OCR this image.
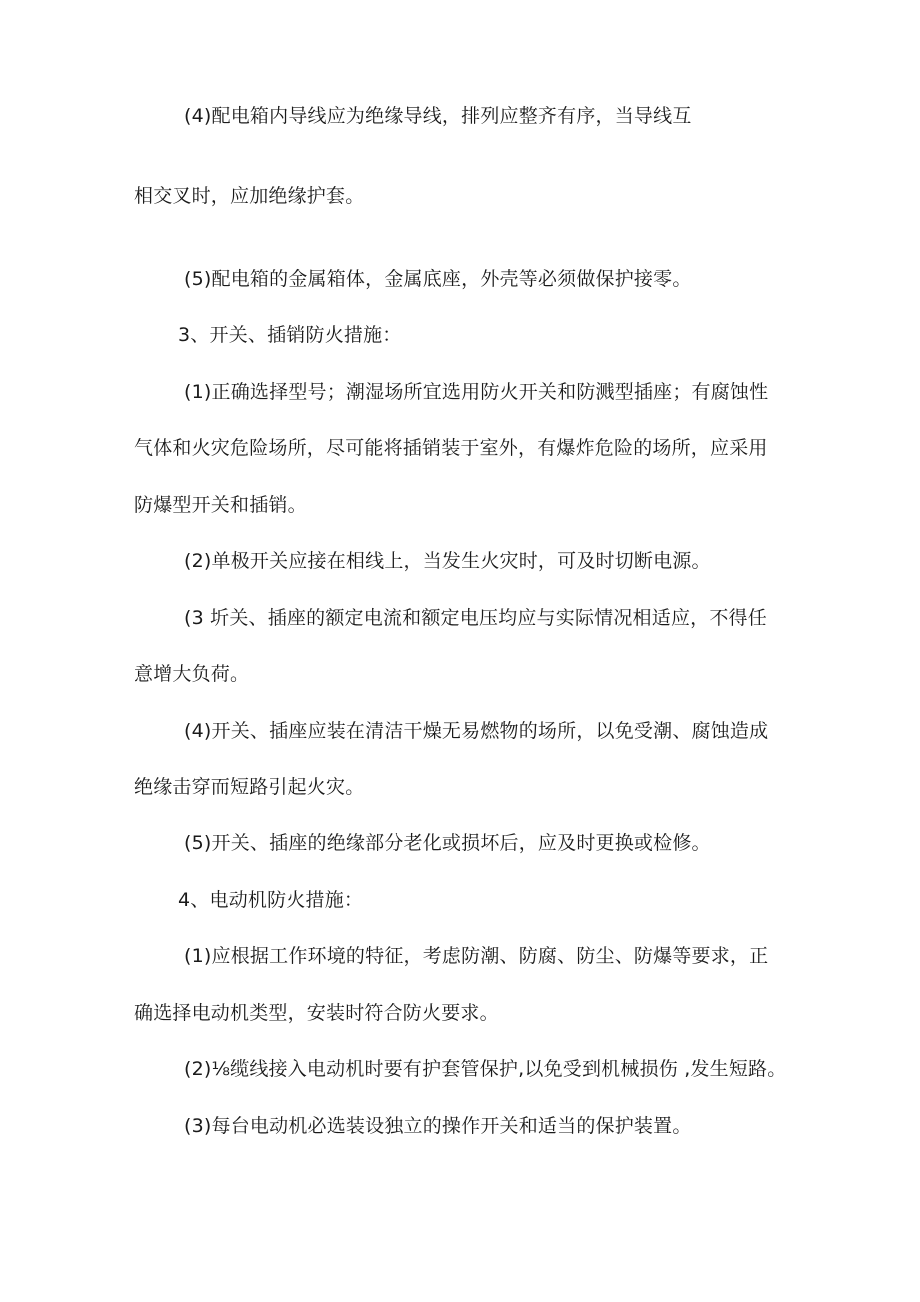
(4)配电箱内导线应为绝缘导线，排列应整齐有序，当导线互
相交叉时，应加绝缘护套。
(5)配电箱的金属箱体，金属底座，外壳等必须做保护接零。
3、开关、插销防火措施：
(1)正确选择型号；潮湿场所宜选用防火开关和防溅型插座；有腐蚀性
气体和火灾危险场所，尽可能将插销装于室外，有爆炸危险的场所，应采用
防爆型开关和插销。
(2)单极开关应接在相线上，当发生火灾时，可及时切断电源。
(3 圻关、插座的额定电流和额定电压均应与实际情况相适应，不得任
意增大负荷。
(4)开关、插座应装在清洁干燥无易燃物的场所，以免受潮、腐蚀造成
绝缘击穿而短路引起火灾。
(5)开关、插座的绝缘部分老化或损坏后，应及时更换或检修。
4、电动机防火措施：
(1)应根据工作环境的特征，考虑防潮、防腐、防尘、防爆等要求，正
确选择电动机类型，安装时符合防火要求。
(2)⅛缆线接入电动机时要有护套管保护,以免受到机械损伤 ,发生短路。
(3)每台电动机必选装设独立的操作开关和适当的保护装置。
